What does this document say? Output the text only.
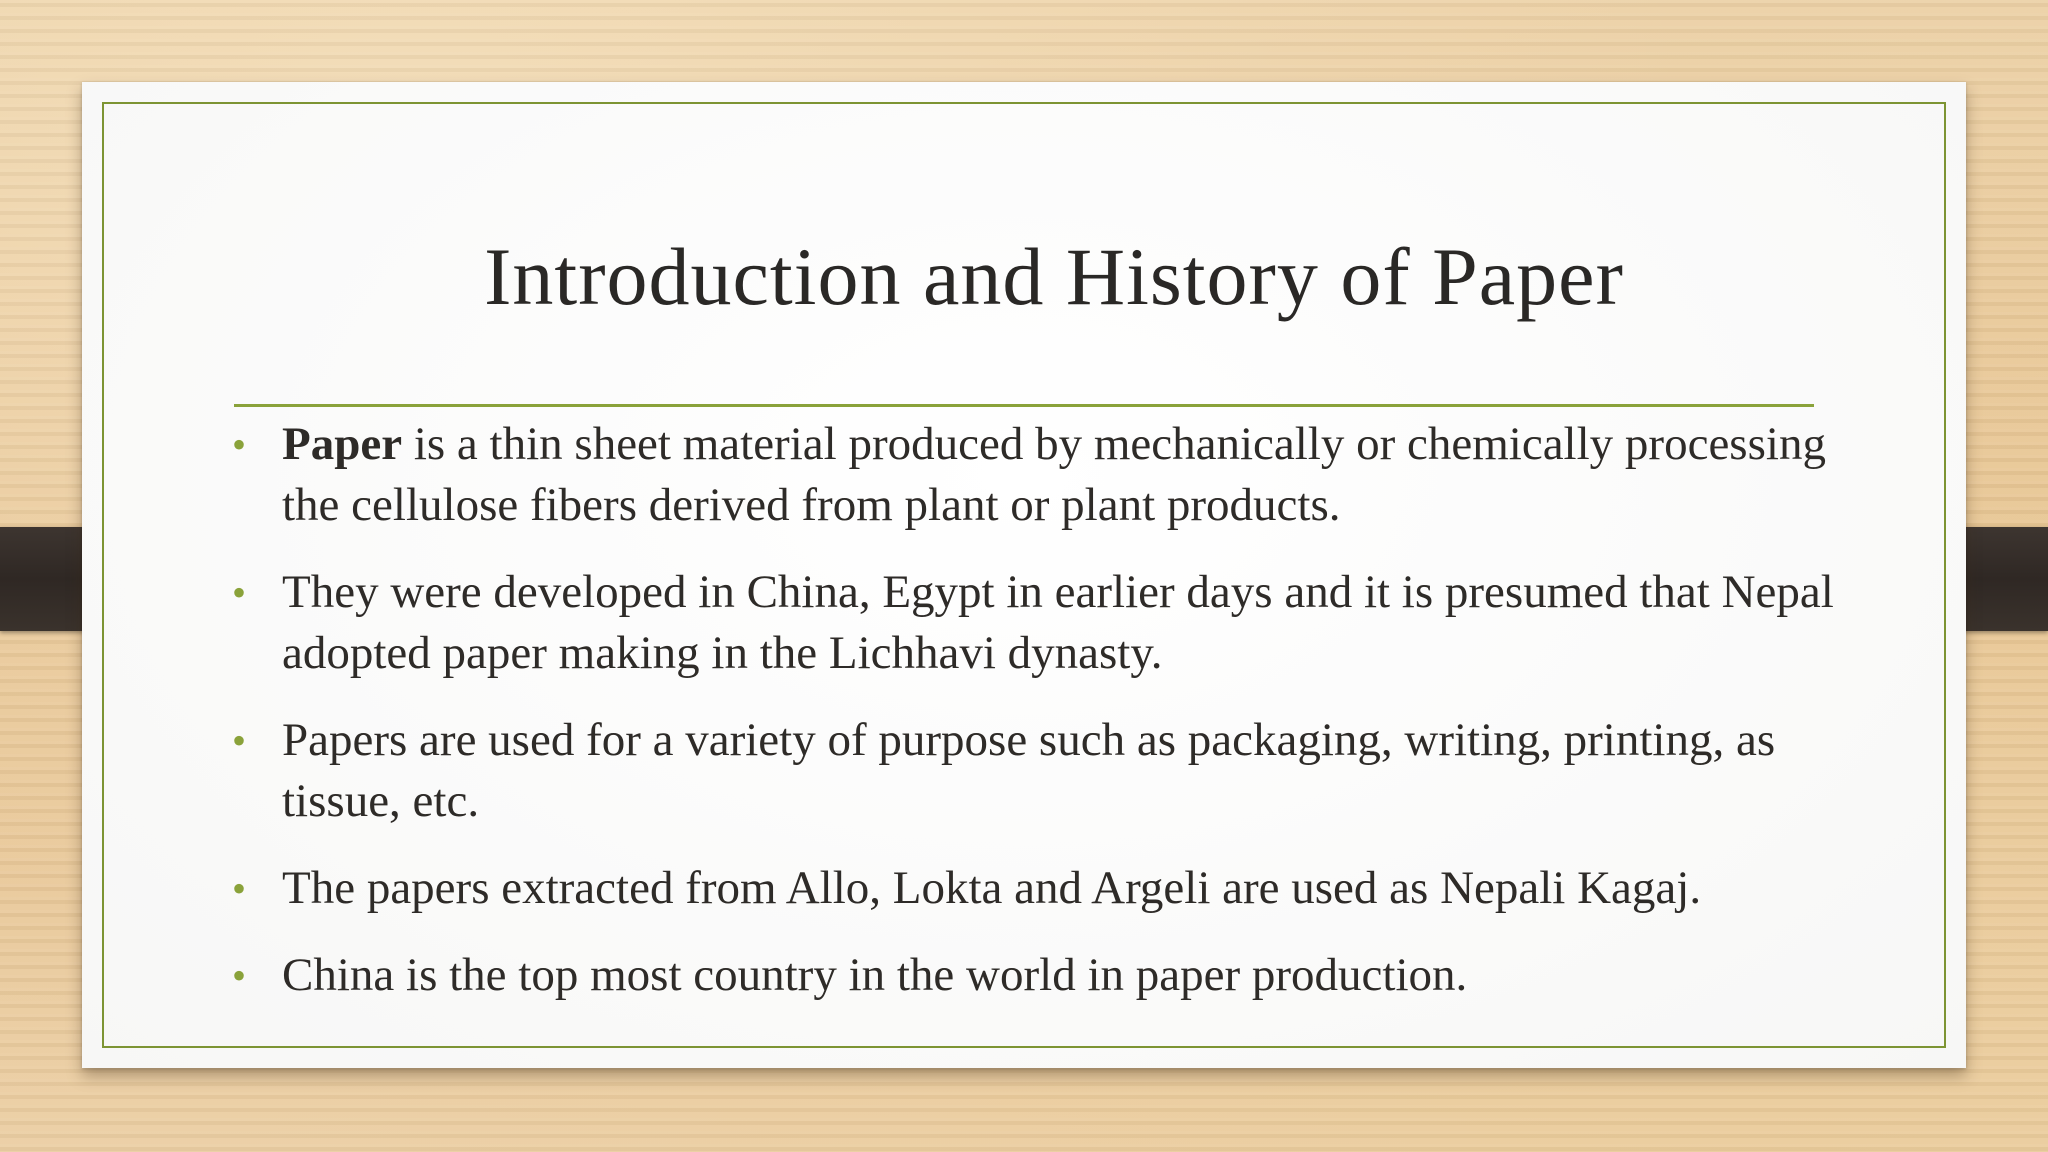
Introduction and History of Paper
• Paper is a thin sheet material produced by mechanically or chemically processing the cellulose fibers derived from plant or plant products.
• They were developed in China, Egypt in earlier days and it is presumed that Nepal adopted paper making in the Lichhavi dynasty.
• Papers are used for a variety of purpose such as packaging, writing, printing, as tissue, etc.
• The papers extracted from Allo, Lokta and Argeli are used as Nepali Kagaj.
• China is the top most country in the world in paper production.
